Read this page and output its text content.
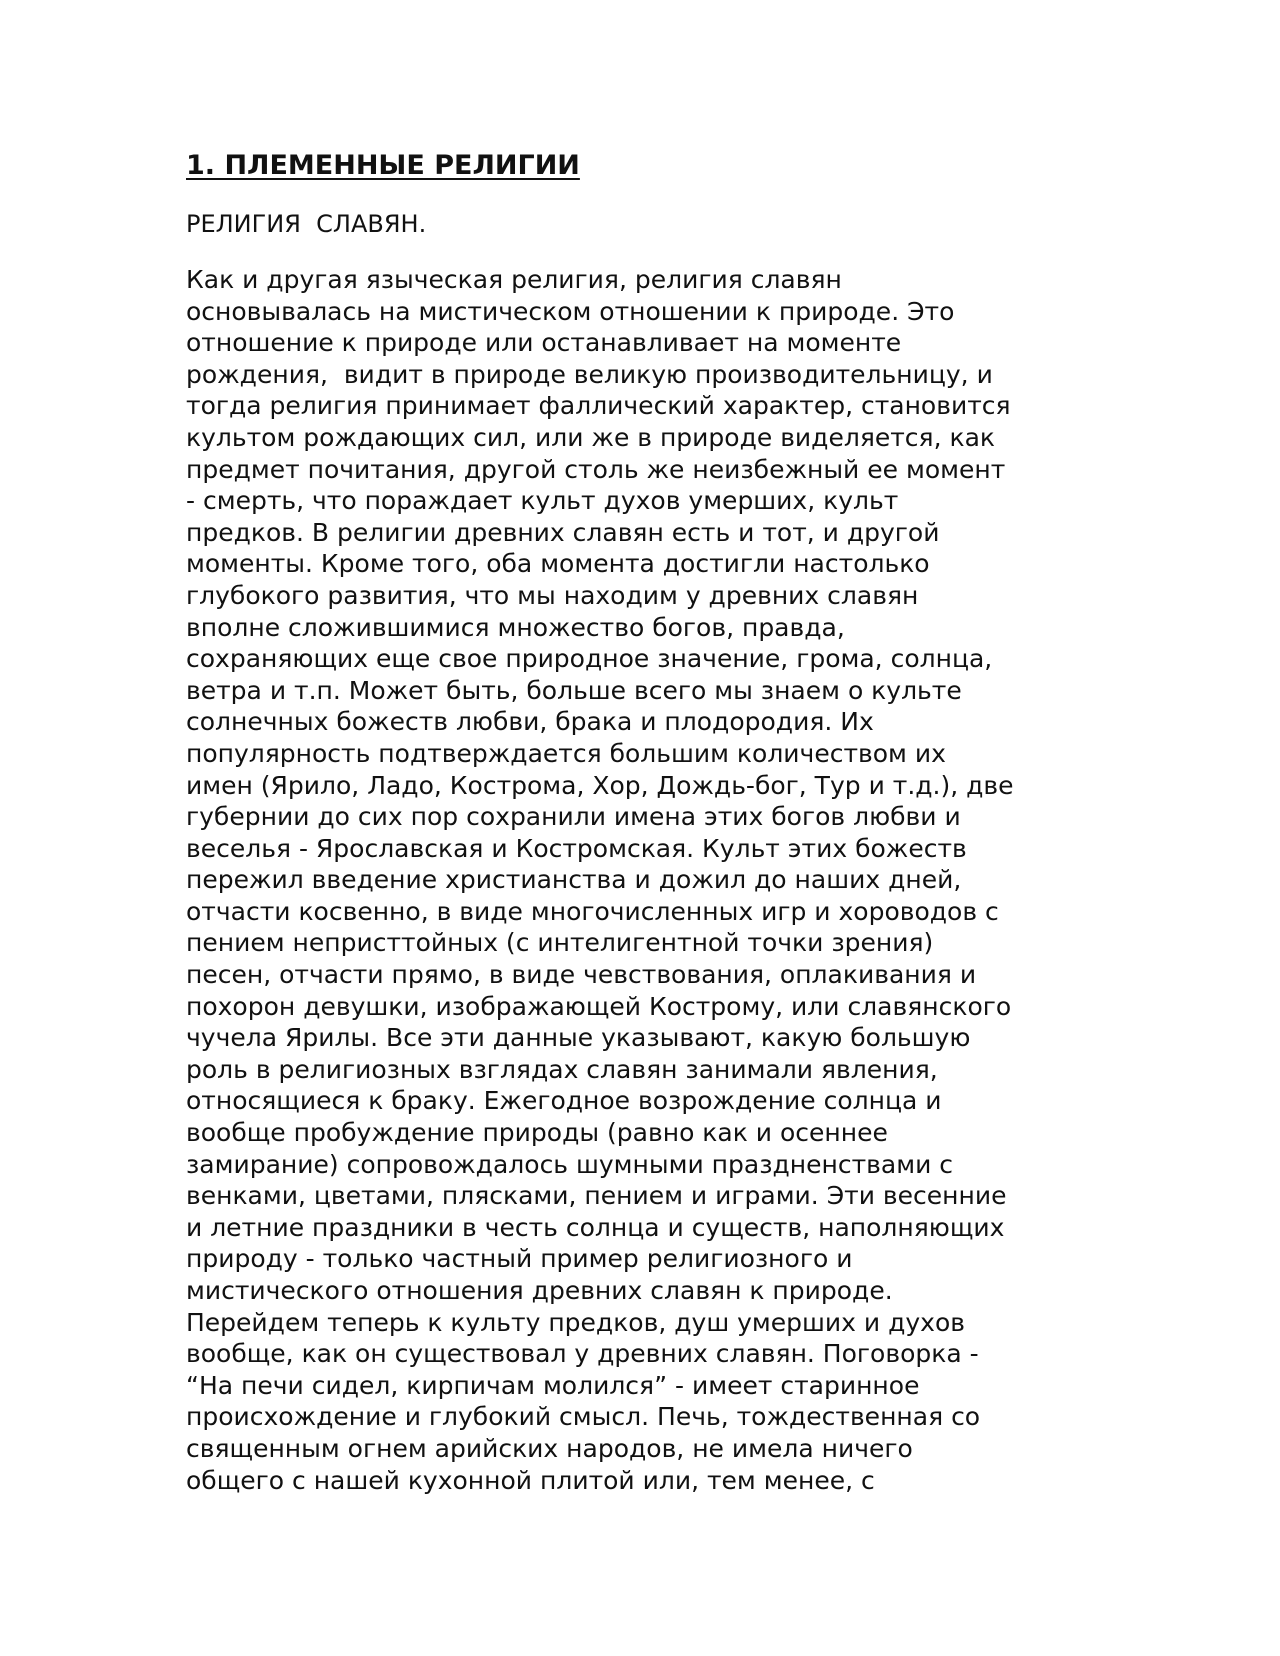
1. ПЛЕМЕННЫЕ РЕЛИГИИ
РЕЛИГИЯ  СЛАВЯН.
Как и другая языческая религия, религия славян
основывалась на мистическом отношении к природе. Это
отношение к природе или останавливает на моменте
рождения,  видит в природе великую производительницу, и
тогда религия принимает фаллический характер, становится
культом рождающих сил, или же в природе виделяется, как
предмет почитания, другой столь же неизбежный ее момент
- смерть, что пораждает культ духов умерших, культ
предков. В религии древних славян есть и тот, и другой
моменты. Кроме того, оба момента достигли настолько
глубокого развития, что мы находим у древних славян
вполне сложившимися множество богов, правда,
сохраняющих еще свое природное значение, грома, солнца,
ветра и т.п. Может быть, больше всего мы знаем о культе
солнечных божеств любви, брака и плодородия. Их
популярность подтверждается большим количеством их
имен (Ярило, Ладо, Кострома, Хор, Дождь-бог, Тур и т.д.), две
губернии до сих пор сохранили имена этих богов любви и
веселья - Ярославская и Костромская. Культ этих божеств
пережил введение христианства и дожил до наших дней,
отчасти косвенно, в виде многочисленных игр и хороводов с
пением непристтойных (с интелигентной точки зрения)
песен, отчасти прямо, в виде чевствования, оплакивания и
похорон девушки, изображающей Кострому, или славянского
чучела Ярилы. Все эти данные указывают, какую большую
роль в религиозных взглядах славян занимали явления,
относящиеся к браку. Ежегодное возрождение солнца и
вообще пробуждение природы (равно как и осеннее
замирание) сопровождалось шумными праздненствами с
венками, цветами, плясками, пением и играми. Эти весенние
и летние праздники в честь солнца и существ, наполняющих
природу - только частный пример религиозного и
мистического отношения древних славян к природе.
Перейдем теперь к культу предков, душ умерших и духов
вообще, как он существовал у древних славян. Поговорка -
“На печи сидел, кирпичам молился” - имеет старинное
происхождение и глубокий смысл. Печь, тождественная со
священным огнем арийских народов, не имела ничего
общего с нашей кухонной плитой или, тем менее, с
